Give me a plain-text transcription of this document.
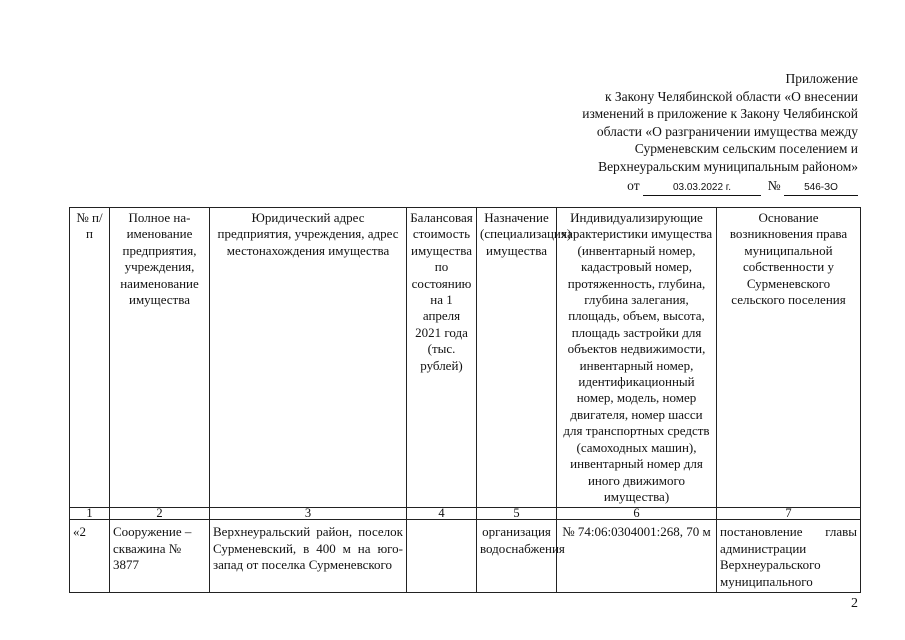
Приложение
к Закону Челябинской области «О внесении
изменений в приложение к Закону Челябинской
области «О разграничении имущества между
Сурменевским сельским поселением и
Верхнеуральским муниципальным районом»
от	03.03.2022 г.	№ 546-ЗО
№ п/п	Полное на-именование предприятия, учреждения, наименование имущества	Юридический адрес предприятия, учреждения, адрес местонахождения имущества	Балансовая стоимость имущества по состоянию на 1 апреля 2021 года (тыс. рублей)	Назначение (специализация) имущества	Индивидуализирующие характеристики имущества (инвентарный номер, кадастровый номер, протяженность, глубина, глубина залегания, площадь, объем, высота, площадь застройки для объектов недвижимости, инвентарный номер, идентификационный номер, модель, номер двигателя, номер шасси для транспортных средств (самоходных машин), инвентарный номер для иного движимого имущества)	Основание возникновения права муниципальной собственности у Сурменевского сельского поселения
1	2	3	4	5	6	7
«2	Сооружение – скважина № 3877	Верхнеуральский район, поселок Сурменевский, в 400 м на юго-запад от поселка Сурменевского		организация водоснабжения	№ 74:06:0304001:268, 70 м	постановление главы администрации Верхнеуральского муниципального
2
